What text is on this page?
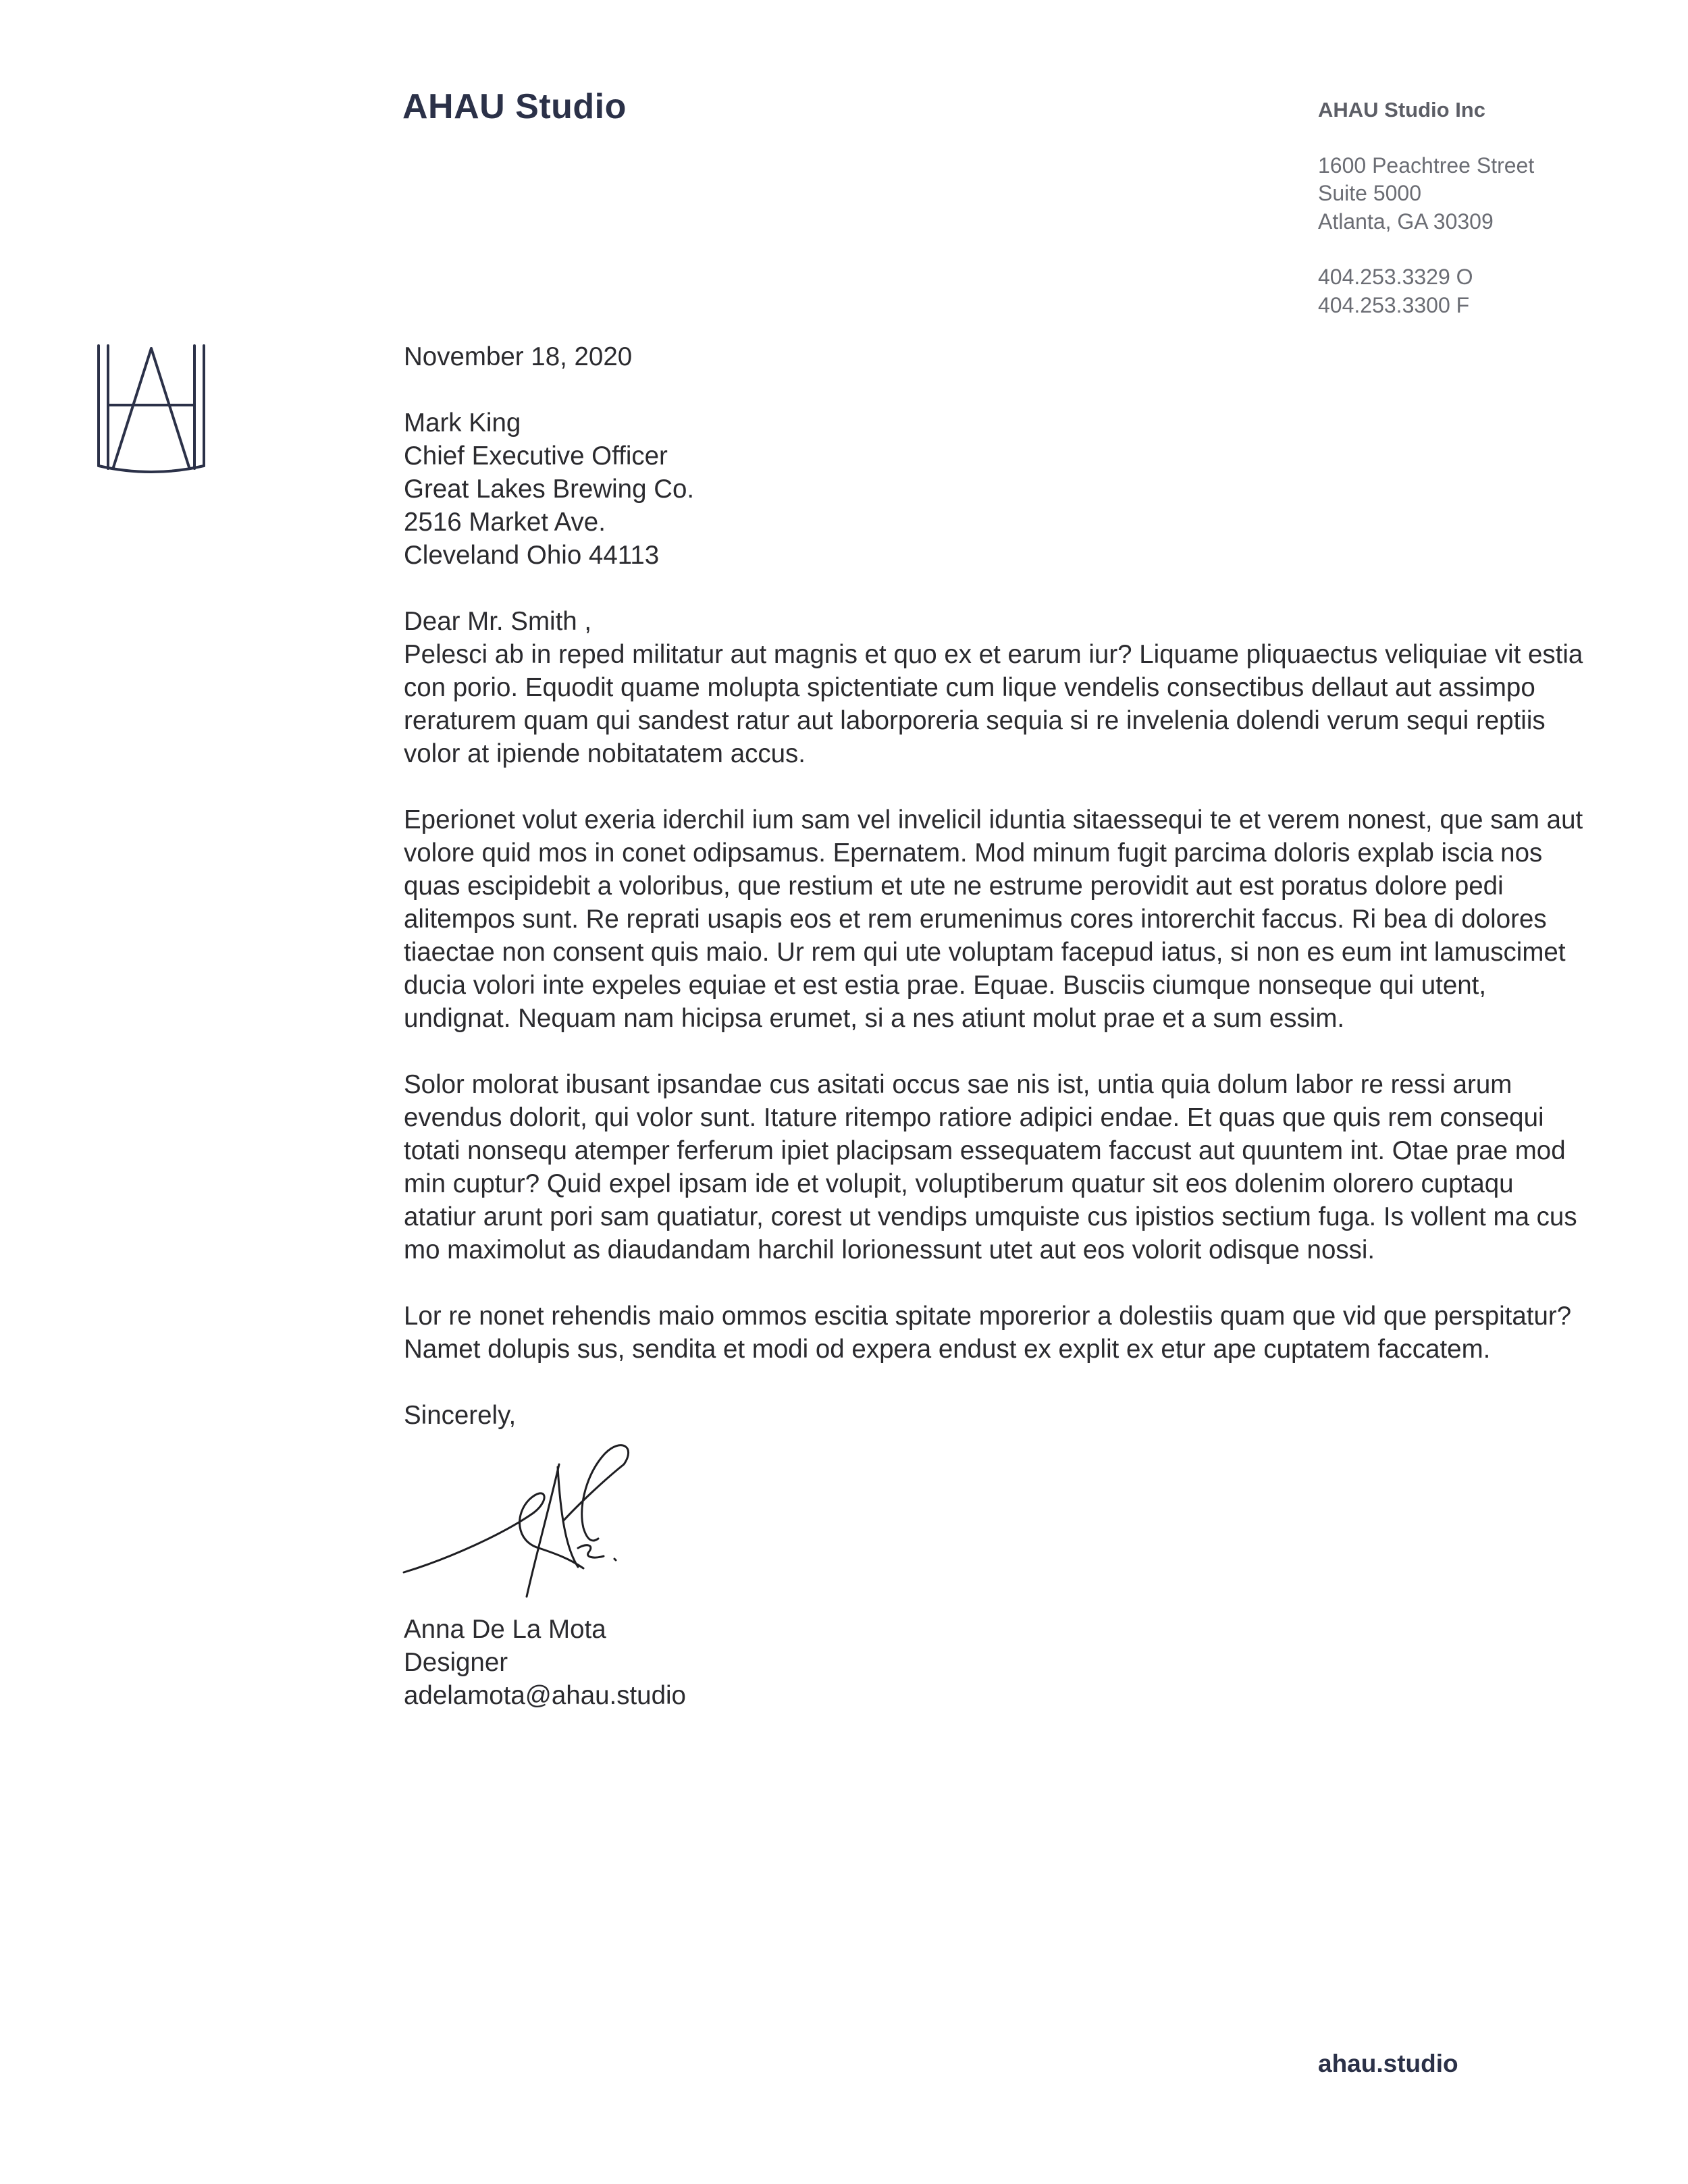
AHAU Studio	AHAU Studio Inc
1600 Peachtree Street
Suite 5000
Atlanta, GA 30309
404.253.3329 O
404.253.3300 F

November 18, 2020

Mark King

Chief Executive Officer

Great Lakes Brewing Co.

2516 Market Ave.

Cleveland Ohio 44113

Dear Mr. Smith ,

Pelesci ab in reped militatur aut magnis et quo ex et earum iur? Liquame pliquaectus veliquiae vit estia con porio. Equodit quame molupta spictentiate cum lique vendelis consectibus dellaut aut assimpo reraturem quam qui sandest ratur aut laborporeria sequia si re invelenia dolendi verum sequi reptiis volor at ipiende nobitatatem accus.

Eperionet volut exeria iderchil ium sam vel invelicil iduntia sitaessequi te et verem nonest, que sam aut volore quid mos in conet odipsamus. Epernatem. Mod minum fugit parcima doloris explab iscia nos quas escipidebit a voloribus, que restium et ute ne estrume perovidit aut est poratus dolore pedi alitempos sunt. Re reprati usapis eos et rem erumenimus cores intorerchit faccus. Ri bea di dolores tiaectae non consent quis maio. Ur rem qui ute voluptam facepud iatus, si non es eum int lamuscimet ducia volori inte expeles equiae et est estia prae. Equae. Busciis ciumque nonseque qui utent, undignat. Nequam nam hicipsa erumet, si a nes atiunt molut prae et a sum essim.

Solor molorat ibusant ipsandae cus asitati occus sae nis ist, untia quia dolum labor re ressi arum evendus dolorit, qui volor sunt. Itature ritempo ratiore adipici endae. Et quas que quis rem consequi totati nonsequ atemper ferferum ipiet placipsam essequatem faccust aut quuntem int. Otae prae mod min cuptur? Quid expel ipsam ide et volupit, voluptiberum quatur sit eos dolenim olorero cuptaqu atatiur arunt pori sam quatiatur, corest ut vendips umquiste cus ipistios sectium fuga. Is vollent ma cus mo maximolut as diaudandam harchil lorionessunt utet aut eos volorit odisque nossi.

Lor re nonet rehendis maio ommos escitia spitate mporerior a dolestiis quam que vid que perspitatur? Namet dolupis sus, sendita et modi od expera endust ex explit ex etur ape cuptatem faccatem.

Sincerely,

Anna De La Mota

Designer

adelamota@ahau.studio

ahau.studio
